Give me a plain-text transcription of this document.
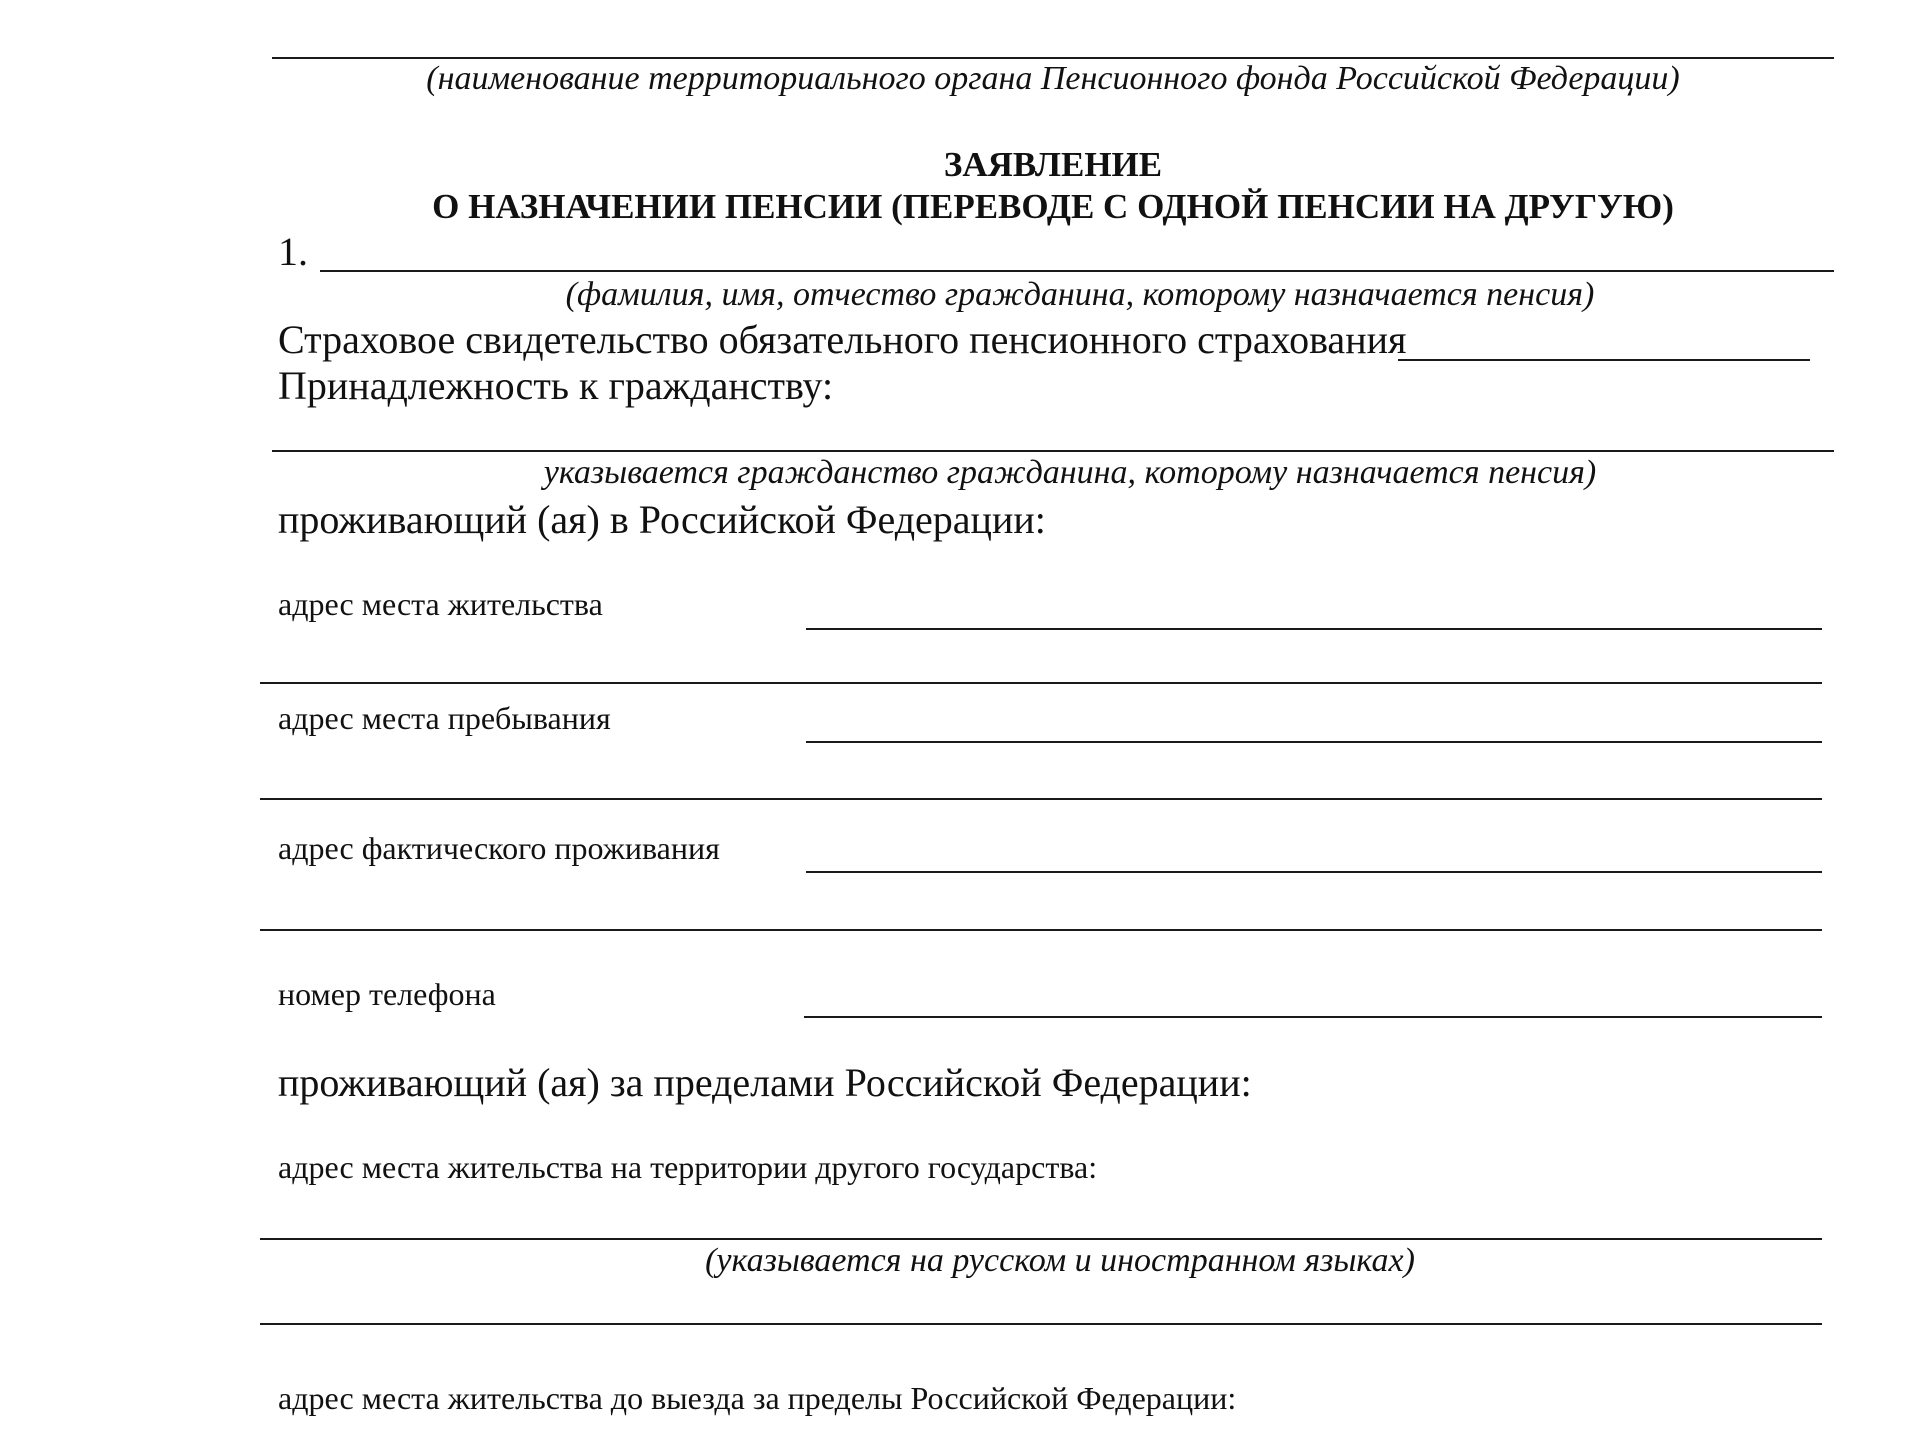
(наименование территориального органа Пенсионного фонда Российской Федерации)
ЗАЯВЛЕНИЕ
О НАЗНАЧЕНИИ ПЕНСИИ (ПЕРЕВОДЕ С ОДНОЙ ПЕНСИИ НА ДРУГУЮ)
1.
(фамилия, имя, отчество гражданина, которому назначается пенсия)
Страховое свидетельство обязательного пенсионного страхования
Принадлежность к гражданству:
указывается гражданство гражданина, которому назначается пенсия)
проживающий (ая) в Российской Федерации:
адрес места жительства
адрес места пребывания
адрес фактического проживания
номер телефона
проживающий (ая) за пределами Российской Федерации:
адрес места жительства на территории другого государства:
(указывается на русском и иностранном языках)
адрес места жительства до выезда за пределы Российской Федерации:
